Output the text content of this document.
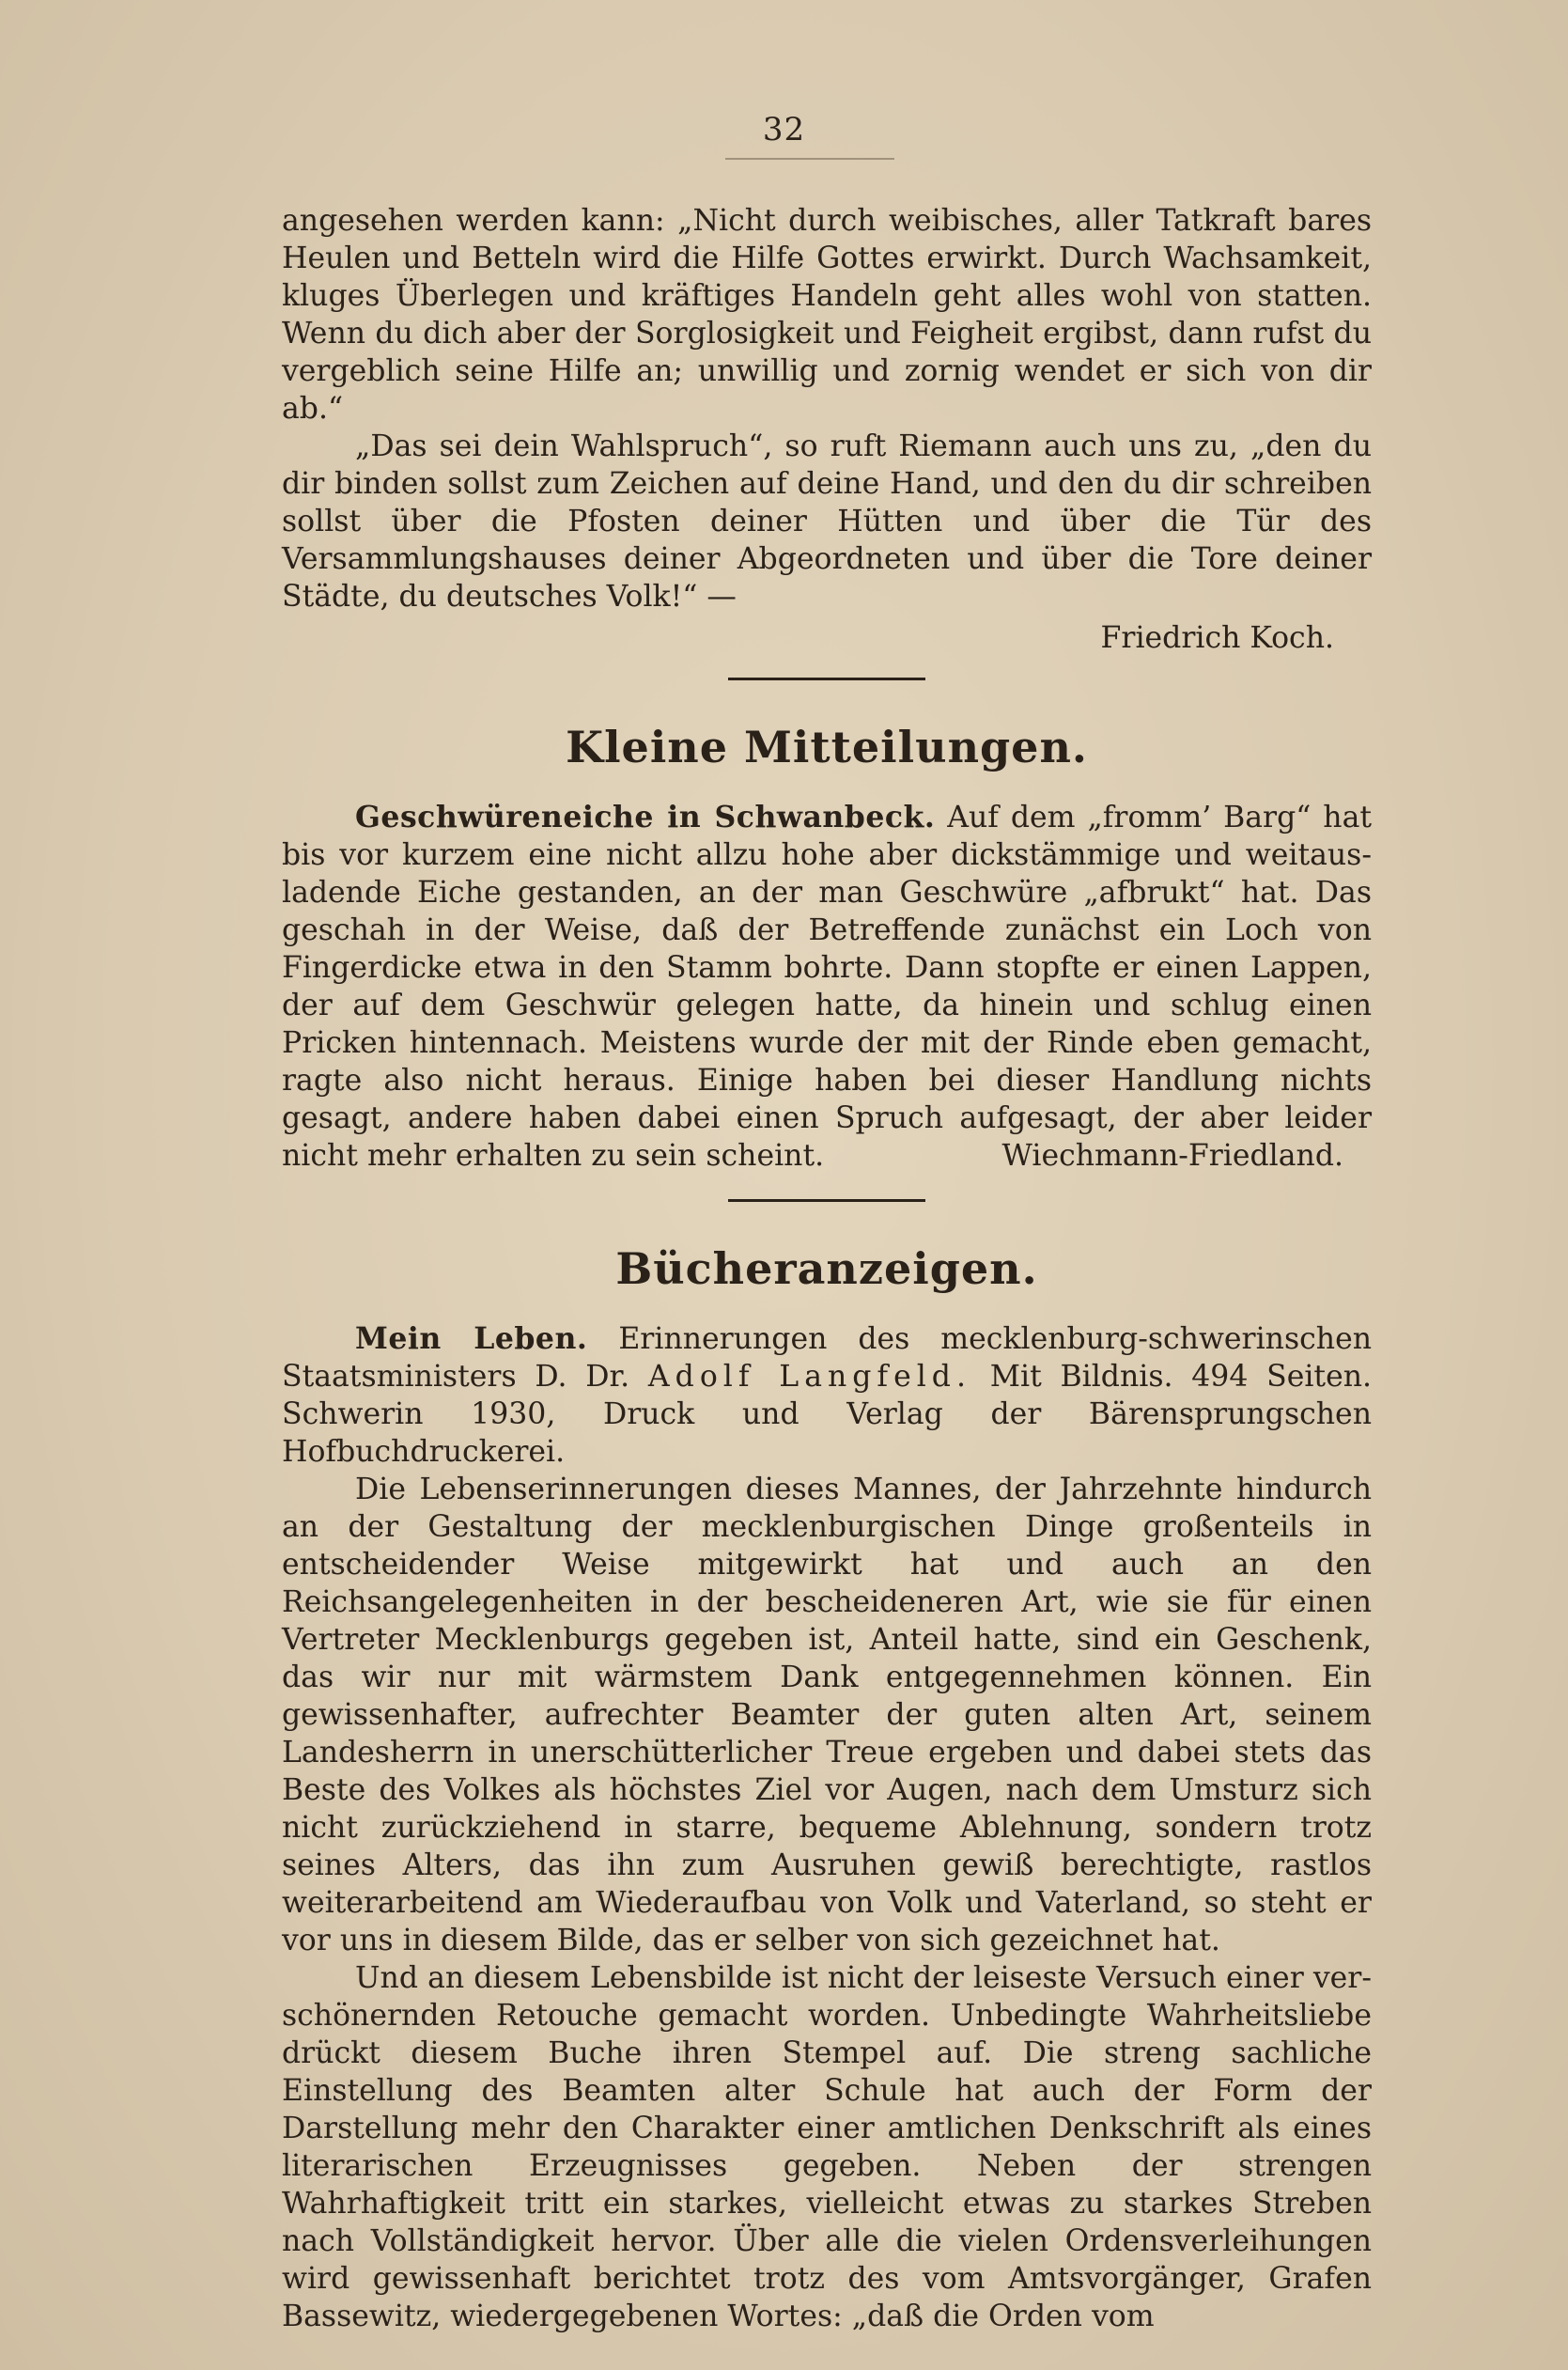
32

angesehen werden kann: „Nicht durch weibisches, aller Tatkraft bares Heulen und Betteln wird die Hilfe Gottes erwirkt. Durch Wachsamkeit, kluges Überlegen und kräftiges Handeln geht alles wohl von statten. Wenn du dich aber der Sorglosigkeit und Feigheit ergibst, dann rufst du vergeblich seine Hilfe an; unwillig und zornig wendet er sich von dir ab.“

„Das sei dein Wahlspruch“, so ruft Riemann auch uns zu, „den du dir binden sollst zum Zeichen auf deine Hand, und den du dir schreiben sollst über die Pfosten deiner Hütten und über die Tür des Versammlungshauses deiner Abgeordneten und über die Tore deiner Städte, du deutsches Volk!“ —

Friedrich Koch.
Kleine Mitteilungen.

Geschwüreneiche in Schwanbeck. Auf dem „fromm’ Barg“ hat bis vor kurzem eine nicht allzu hohe aber dickstämmige und weitausladende Eiche gestanden, an der man Geschwüre „afbrukt“ hat. Das geschah in der Weise, daß der Betreffende zunächst ein Loch von Fingerdicke etwa in den Stamm bohrte. Dann stopfte er einen Lappen, der auf dem Geschwür gelegen hatte, da hinein und schlug einen Pricken hintennach. Meistens wurde der mit der Rinde eben gemacht, ragte also nicht heraus. Einige haben bei dieser Handlung nichts gesagt, andere haben dabei einen Spruch aufgesagt, der aber leider nicht mehr erhalten zu sein scheint.	Wiechmann-Friedland.

Bücheranzeigen.

Mein Leben. Erinnerungen des mecklenburg-schwerinschen Staatsministers D. Dr. Adolf Langfeld. Mit Bildnis. 494 Seiten. Schwerin 1930, Druck und Verlag der Bärensprungschen Hofbuchdruckerei.

Die Lebenserinnerungen dieses Mannes, der Jahrzehnte hindurch an der Gestaltung der mecklenburgischen Dinge großenteils in entscheidender Weise mitgewirkt hat und auch an den Reichsangelegenheiten in der bescheideneren Art, wie sie für einen Vertreter Mecklenburgs gegeben ist, Anteil hatte, sind ein Geschenk, das wir nur mit wärmstem Dank entgegennehmen können. Ein gewissenhafter, aufrechter Beamter der guten alten Art, seinem Landesherrn in unerschütterlicher Treue ergeben und dabei stets das Beste des Volkes als höchstes Ziel vor Augen, nach dem Umsturz sich nicht zurückziehend in starre, bequeme Ablehnung, sondern trotz seines Alters, das ihn zum Ausruhen gewiß berechtigte, rastlos weiterarbeitend am Wiederaufbau von Volk und Vaterland, so steht er vor uns in diesem Bilde, das er selber von sich gezeichnet hat.

Und an diesem Lebensbilde ist nicht der leiseste Versuch einer verschönernden Retouche gemacht worden. Unbedingte Wahrheitsliebe drückt diesem Buche ihren Stempel auf. Die streng sachliche Einstellung des Beamten alter Schule hat auch der Form der Darstellung mehr den Charakter einer amtlichen Denkschrift als eines literarischen Erzeugnisses gegeben. Neben der strengen Wahrhaftigkeit tritt ein starkes, vielleicht etwas zu starkes Streben nach Vollständigkeit hervor. Über alle die vielen Ordensverleihungen wird gewissenhaft berichtet trotz des vom Amtsvorgänger, Grafen Bassewitz, wiedergegebenen Wortes: „daß die Orden vom
